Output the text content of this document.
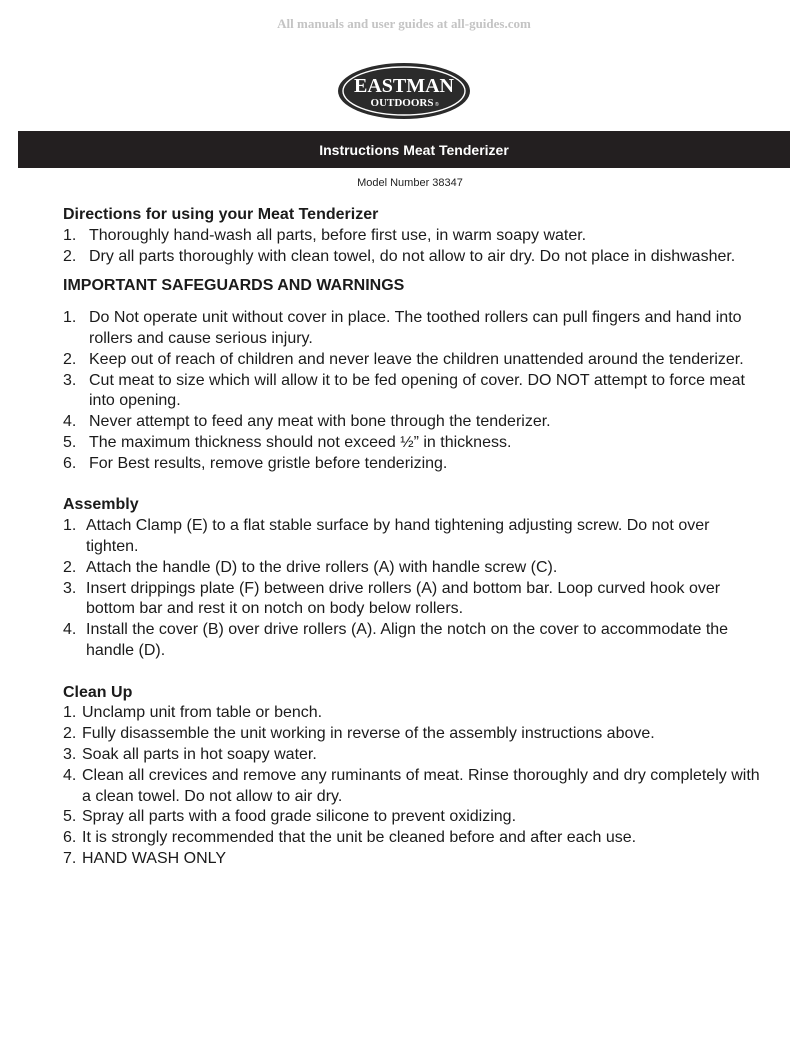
All manuals and user guides at all-guides.com
EASTMAN
OUTDOORS ®
Instructions Meat Tenderizer
Model Number 38347
Directions for using your Meat Tenderizer
1. Thoroughly hand-wash all parts, before first use, in warm soapy water.
2. Dry all parts thoroughly with clean towel, do not allow to air dry. Do not place in dishwasher.
IMPORTANT SAFEGUARDS AND WARNINGS
1. Do Not operate unit without cover in place. The toothed rollers can pull fingers and hand into rollers and cause serious injury.
2. Keep out of reach of children and never leave the children unattended around the tenderizer.
3. Cut meat to size which will allow it to be fed opening of cover. DO NOT attempt to force meat into opening.
4. Never attempt to feed any meat with bone through the tenderizer.
5. The maximum thickness should not exceed ½” in thickness.
6. For Best results, remove gristle before tenderizing.
Assembly
1. Attach Clamp (E) to a flat stable surface by hand tightening adjusting screw. Do not over tighten.
2. Attach the handle (D) to the drive rollers (A) with handle screw (C).
3. Insert drippings plate (F) between drive rollers (A) and bottom bar. Loop curved hook over bottom bar and rest it on notch on body below rollers.
4. Install the cover (B) over drive rollers (A). Align the notch on the cover to accommodate the handle (D).
Clean Up
1. Unclamp unit from table or bench.
2. Fully disassemble the unit working in reverse of the assembly instructions above.
3. Soak all parts in hot soapy water.
4. Clean all crevices and remove any ruminants of meat. Rinse thoroughly and dry completely with a clean towel. Do not allow to air dry.
5. Spray all parts with a food grade silicone to prevent oxidizing.
6. It is strongly recommended that the unit be cleaned before and after each use.
7. HAND WASH ONLY
